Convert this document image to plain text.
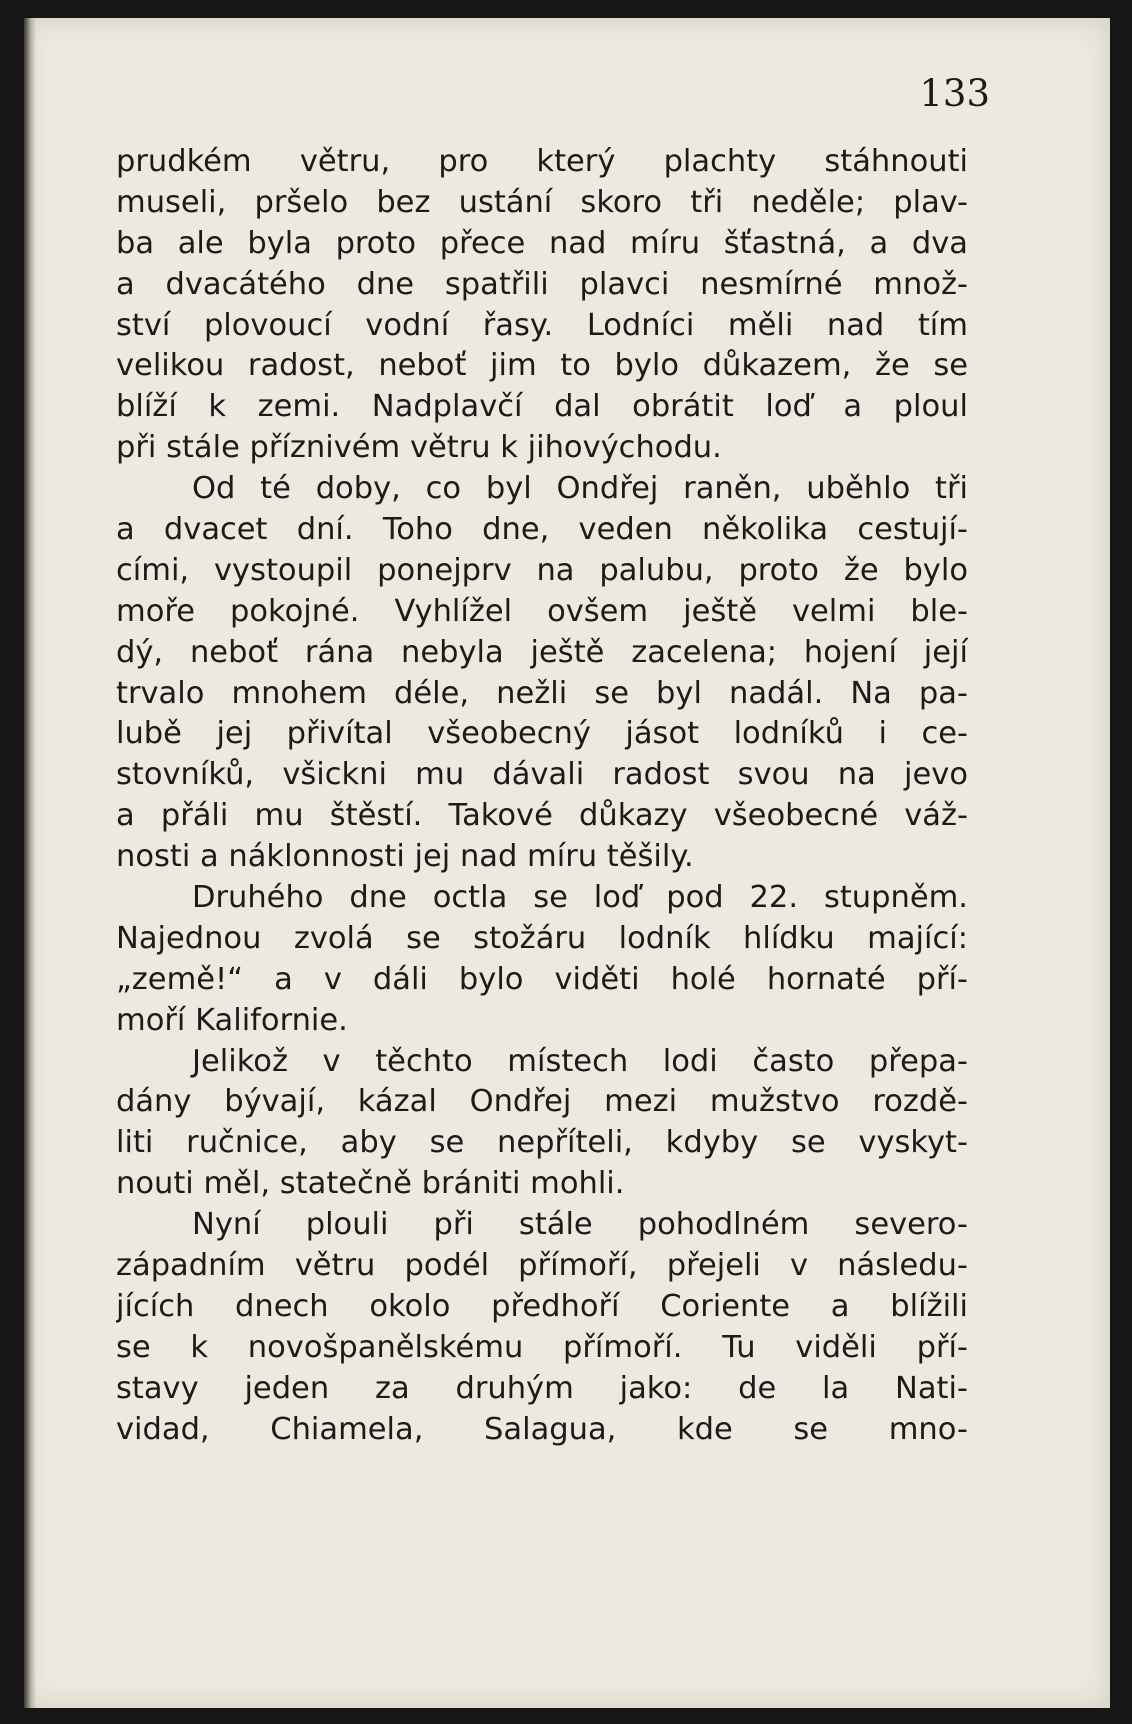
133
prudkém větru, pro který plachty stáhnouti
museli, pršelo bez ustání skoro tři neděle; plav-
ba ale byla proto přece nad míru šťastná, a dva
a dvacátého dne spatřili plavci nesmírné množ-
ství plovoucí vodní řasy. Lodníci měli nad tím
velikou radost, neboť jim to bylo důkazem, že se
blíží k zemi. Nadplavčí dal obrátit loď a ploul
při stále příznivém větru k jihovýchodu.
Od té doby, co byl Ondřej raněn, uběhlo tři
a dvacet dní. Toho dne, veden několika cestují-
cími, vystoupil ponejprv na palubu, proto že bylo
moře pokojné. Vyhlížel ovšem ještě velmi ble-
dý, neboť rána nebyla ještě zacelena; hojení její
trvalo mnohem déle, nežli se byl nadál. Na pa-
lubě jej přivítal všeobecný jásot lodníků i ce-
stovníků, všickni mu dávali radost svou na jevo
a přáli mu štěstí. Takové důkazy všeobecné váž-
nosti a náklonnosti jej nad míru těšily.
Druhého dne octla se loď pod 22. stupněm.
Najednou zvolá se stožáru lodník hlídku mající:
„země!“ a v dáli bylo viděti holé hornaté pří-
moří Kalifornie.
Jelikož v těchto místech lodi často přepa-
dány bývají, kázal Ondřej mezi mužstvo rozdě-
liti ručnice, aby se nepříteli, kdyby se vyskyt-
nouti měl, statečně brániti mohli.
Nyní plouli při stále pohodlném severo-
západním větru podél přímoří, přejeli v následu-
jících dnech okolo předhoří Coriente a blížili
se k novošpanělskému přímoří. Tu viděli pří-
stavy jeden za druhým jako: de la Nati-
vidad, Chiamela, Salagua, kde se mno-
